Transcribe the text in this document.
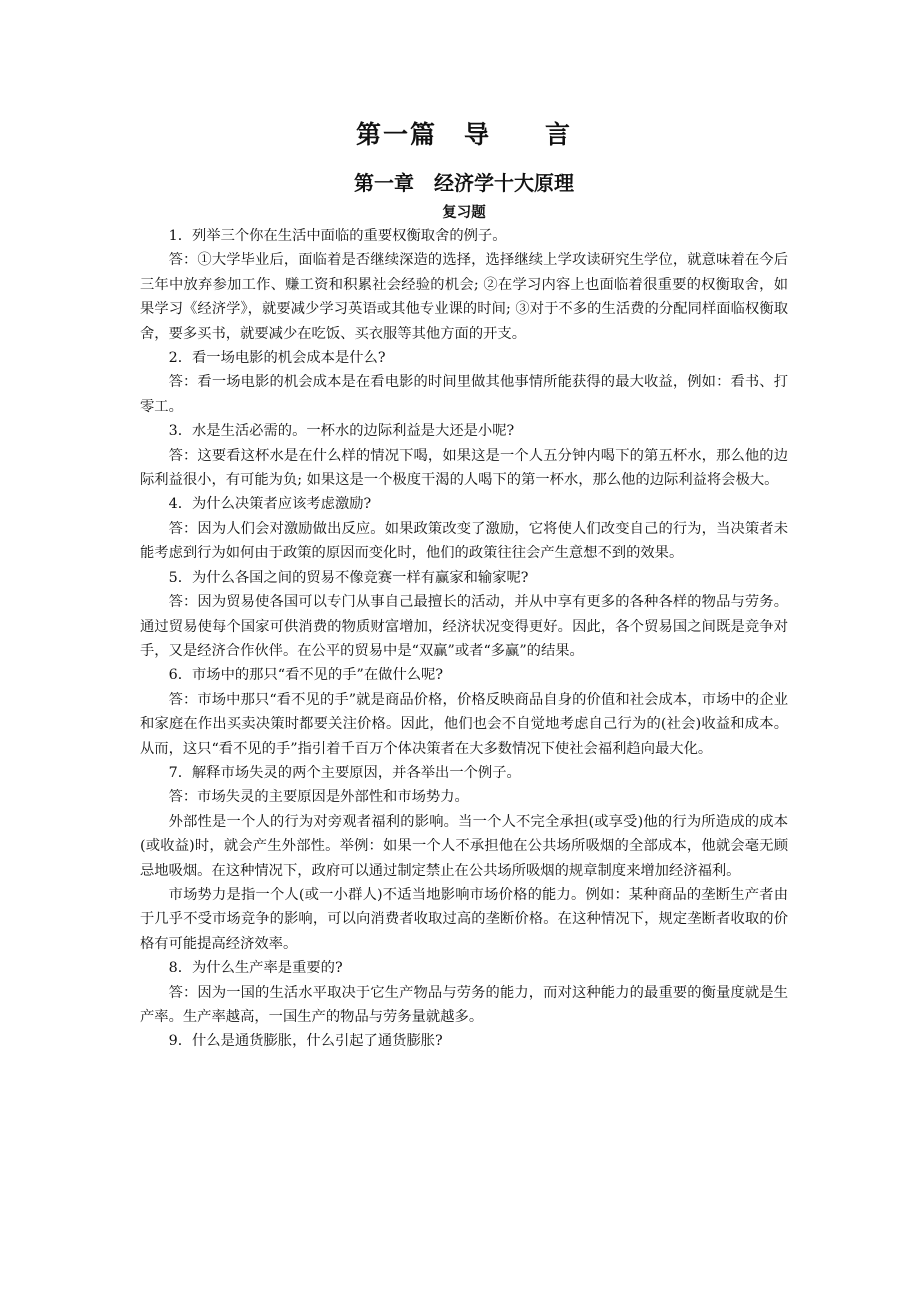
第一篇　导　　言
第一章　经济学十大原理
复习题

1．列举三个你在生活中面临的重要权衡取舍的例子。

答：①大学毕业后，面临着是否继续深造的选择，选择继续上学攻读研究生学位，就意味着在今后三年中放弃参加工作、赚工资和积累社会经验的机会; ②在学习内容上也面临着很重要的权衡取舍，如果学习《经济学》，就要减少学习英语或其他专业课的时间; ③对于不多的生活费的分配同样面临权衡取舍，要多买书，就要减少在吃饭、买衣服等其他方面的开支。

2．看一场电影的机会成本是什么?

答：看一场电影的机会成本是在看电影的时间里做其他事情所能获得的最大收益，例如：看书、打零工。

3．水是生活必需的。一杯水的边际利益是大还是小呢?

答：这要看这杯水是在什么样的情况下喝，如果这是一个人五分钟内喝下的第五杯水，那么他的边际利益很小，有可能为负; 如果这是一个极度干渴的人喝下的第一杯水，那么他的边际利益将会极大。

4．为什么决策者应该考虑激励?

答：因为人们会对激励做出反应。如果政策改变了激励，它将使人们改变自己的行为，当决策者未能考虑到行为如何由于政策的原因而变化时，他们的政策往往会产生意想不到的效果。

5．为什么各国之间的贸易不像竞赛一样有赢家和输家呢?

答：因为贸易使各国可以专门从事自己最擅长的活动，并从中享有更多的各种各样的物品与劳务。通过贸易使每个国家可供消费的物质财富增加，经济状况变得更好。因此，各个贸易国之间既是竞争对手，又是经济合作伙伴。在公平的贸易中是“双赢”或者“多赢”的结果。

6．市场中的那只“看不见的手”在做什么呢?

答：市场中那只“看不见的手”就是商品价格，价格反映商品自身的价值和社会成本，市场中的企业和家庭在作出买卖决策时都要关注价格。因此，他们也会不自觉地考虑自己行为的(社会)收益和成本。从而，这只“看不见的手”指引着千百万个体决策者在大多数情况下使社会福利趋向最大化。

7．解释市场失灵的两个主要原因，并各举出一个例子。

答：市场失灵的主要原因是外部性和市场势力。

外部性是一个人的行为对旁观者福利的影响。当一个人不完全承担(或享受)他的行为所造成的成本(或收益)时，就会产生外部性。举例：如果一个人不承担他在公共场所吸烟的全部成本，他就会毫无顾忌地吸烟。在这种情况下，政府可以通过制定禁止在公共场所吸烟的规章制度来增加经济福利。

市场势力是指一个人(或一小群人)不适当地影响市场价格的能力。例如：某种商品的垄断生产者由于几乎不受市场竞争的影响，可以向消费者收取过高的垄断价格。在这种情况下，规定垄断者收取的价格有可能提高经济效率。

8．为什么生产率是重要的?

答：因为一国的生活水平取决于它生产物品与劳务的能力，而对这种能力的最重要的衡量度就是生产率。生产率越高，一国生产的物品与劳务量就越多。

9．什么是通货膨胀，什么引起了通货膨胀?
